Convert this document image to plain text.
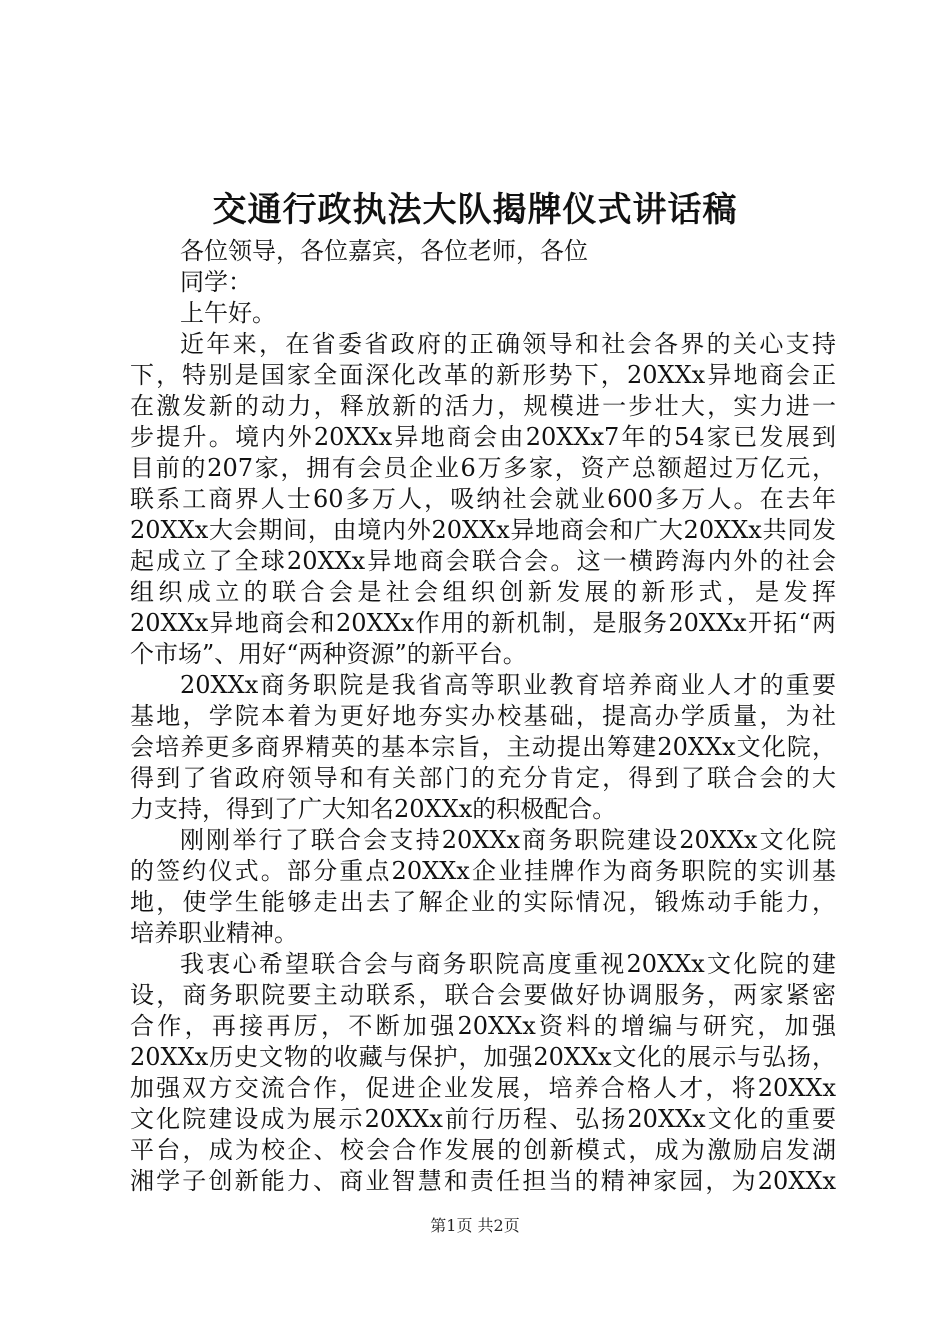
交通行政执法大队揭牌仪式讲话稿
各位领导，各位嘉宾，各位老师，各位
同学：
上午好。
近年来，在省委省政府的正确领导和社会各界的关心支持
下，特别是国家全面深化改革的新形势下，20XXx异地商会正
在激发新的动力，释放新的活力，规模进一步壮大，实力进一
步提升。境内外20XXx异地商会由20XXx7年的54家已发展到
目前的207家，拥有会员企业6万多家，资产总额超过万亿元，
联系工商界人士60多万人，吸纳社会就业600多万人。在去年
20XXx大会期间，由境内外20XXx异地商会和广大20XXx共同发
起成立了全球20XXx异地商会联合会。这一横跨海内外的社会
组织成立的联合会是社会组织创新发展的新形式，是发挥
20XXx异地商会和20XXx作用的新机制，是服务20XXx开拓“两
个市场”、用好“两种资源”的新平台。
20XXx商务职院是我省高等职业教育培养商业人才的重要
基地，学院本着为更好地夯实办校基础，提高办学质量，为社
会培养更多商界精英的基本宗旨，主动提出筹建20XXx文化院，
得到了省政府领导和有关部门的充分肯定，得到了联合会的大
力支持，得到了广大知名20XXx的积极配合。
刚刚举行了联合会支持20XXx商务职院建设20XXx文化院
的签约仪式。部分重点20XXx企业挂牌作为商务职院的实训基
地，使学生能够走出去了解企业的实际情况，锻炼动手能力，
培养职业精神。
我衷心希望联合会与商务职院高度重视20XXx文化院的建
设，商务职院要主动联系，联合会要做好协调服务，两家紧密
合作，再接再厉，不断加强20XXx资料的增编与研究，加强
20XXx历史文物的收藏与保护，加强20XXx文化的展示与弘扬，
加强双方交流合作，促进企业发展，培养合格人才，将20XXx
文化院建设成为展示20XXx前行历程、弘扬20XXx文化的重要
平台，成为校企、校会合作发展的创新模式，成为激励启发湖
湘学子创新能力、商业智慧和责任担当的精神家园，为20XXx
第1页 共2页
